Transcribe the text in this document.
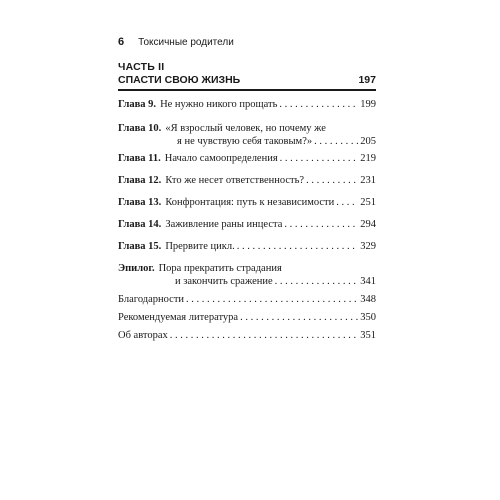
6 Токсичные родители
ЧАСТЬ II
СПАСТИ СВОЮ ЖИЗНЬ	197
Глава 9. Не нужно никого прощать . . .	199
Глава 10. «Я взрослый человек, но почему же
я не чувствую себя таковым?» . . .	205
Глава 11. Начало самоопределения . . .	219
Глава 12. Кто же несет ответственность? . . .	231
Глава 13. Конфронтация: путь к независимости . . . 251
Глава 14. Заживление раны инцеста . . .	294
Глава 15. Прервите цикл. . . .	329
Эпилог. Пора прекратить страдания
и закончить сражение . . .	341
Благодарности . . .	348
Рекомендуемая литература . . .	350
Об авторах . . .	351
